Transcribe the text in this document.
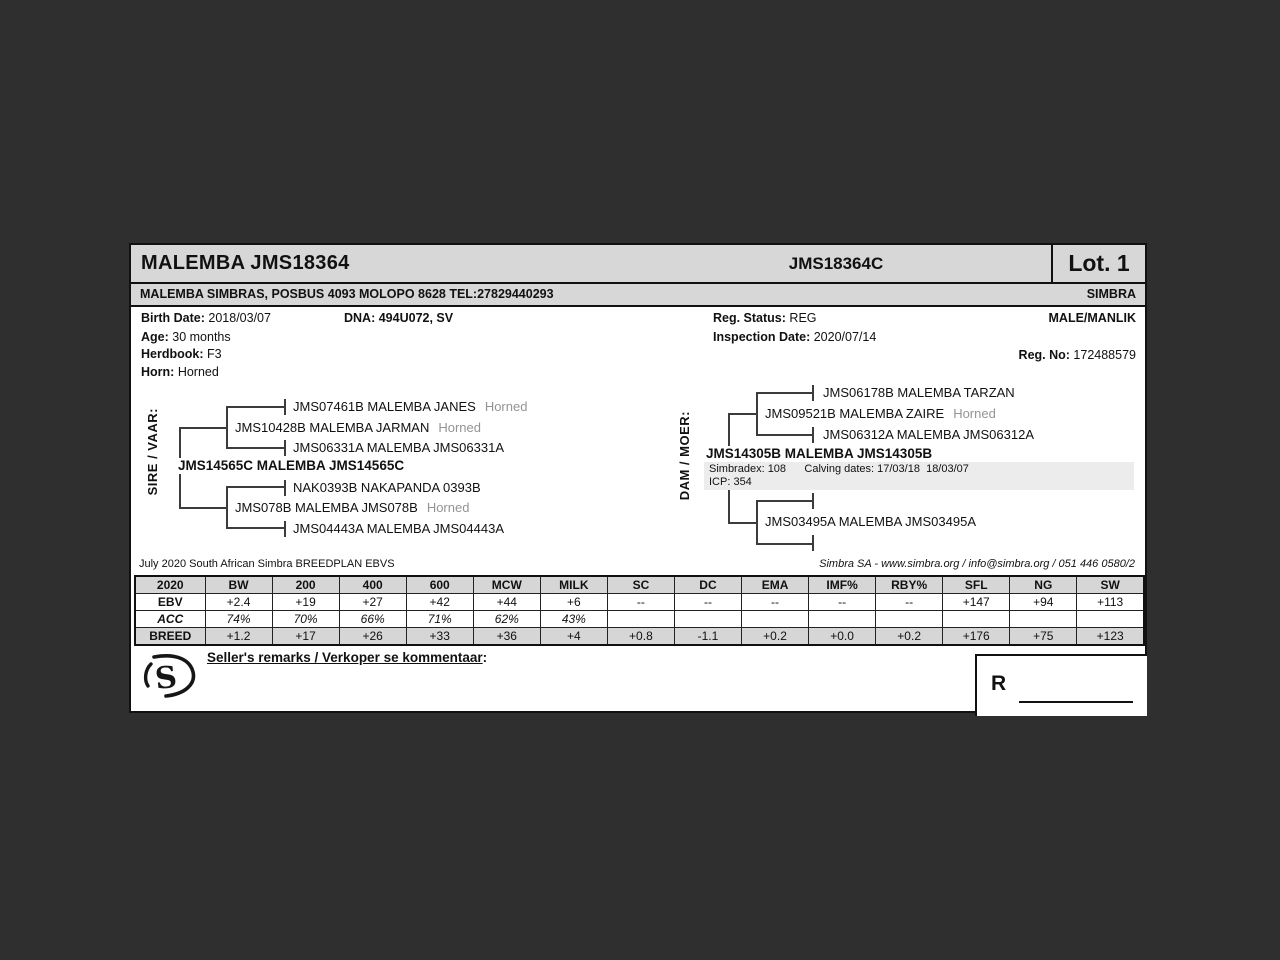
MALEMBA JMS18364	JMS18364C	Lot. 1
MALEMBA SIMBRAS, POSBUS 4093 MOLOPO 8628 TEL:27829440293	SIMBRA
Birth Date: 2018/03/07	DNA: 494U072, SV
Age: 30 months
Herdbook: F3
Horn: Horned
Reg. Status: REG
Inspection Date: 2020/07/14
MALE/MANLIK
Reg. No: 172488579
SIRE / VAAR:
JMS07461B MALEMBA JANES Horned
JMS10428B MALEMBA JARMAN Horned
JMS06331A MALEMBA JMS06331A
JMS14565C MALEMBA JMS14565C
NAK0393B NAKAPANDA 0393B
JMS078B MALEMBA JMS078B Horned
JMS04443A MALEMBA JMS04443A
DAM / MOER:
JMS06178B MALEMBA TARZAN
JMS09521B MALEMBA ZAIRE Horned
JMS06312A MALEMBA JMS06312A
JMS14305B MALEMBA JMS14305B
Simbradex: 108      Calving dates: 17/03/18  18/03/07
ICP: 354
JMS03495A MALEMBA JMS03495A
July 2020 South African Simbra BREEDPLAN EBVS	Simbra SA - www.simbra.org / info@simbra.org / 051 446 0580/2
2020	BW	200	400	600	MCW	MILK	SC	DC	EMA	IMF%	RBY%	SFL	NG	SW
EBV	+2.4	+19	+27	+42	+44	+6	--	--	--	--	--	+147	+94	+113
ACC	74%	70%	66%	71%	62%	43%								
BREED	+1.2	+17	+26	+33	+36	+4	+0.8	-1.1	+0.2	+0.0	+0.2	+176	+75	+123
S
Seller's remarks / Verkoper se kommentaar:
R
